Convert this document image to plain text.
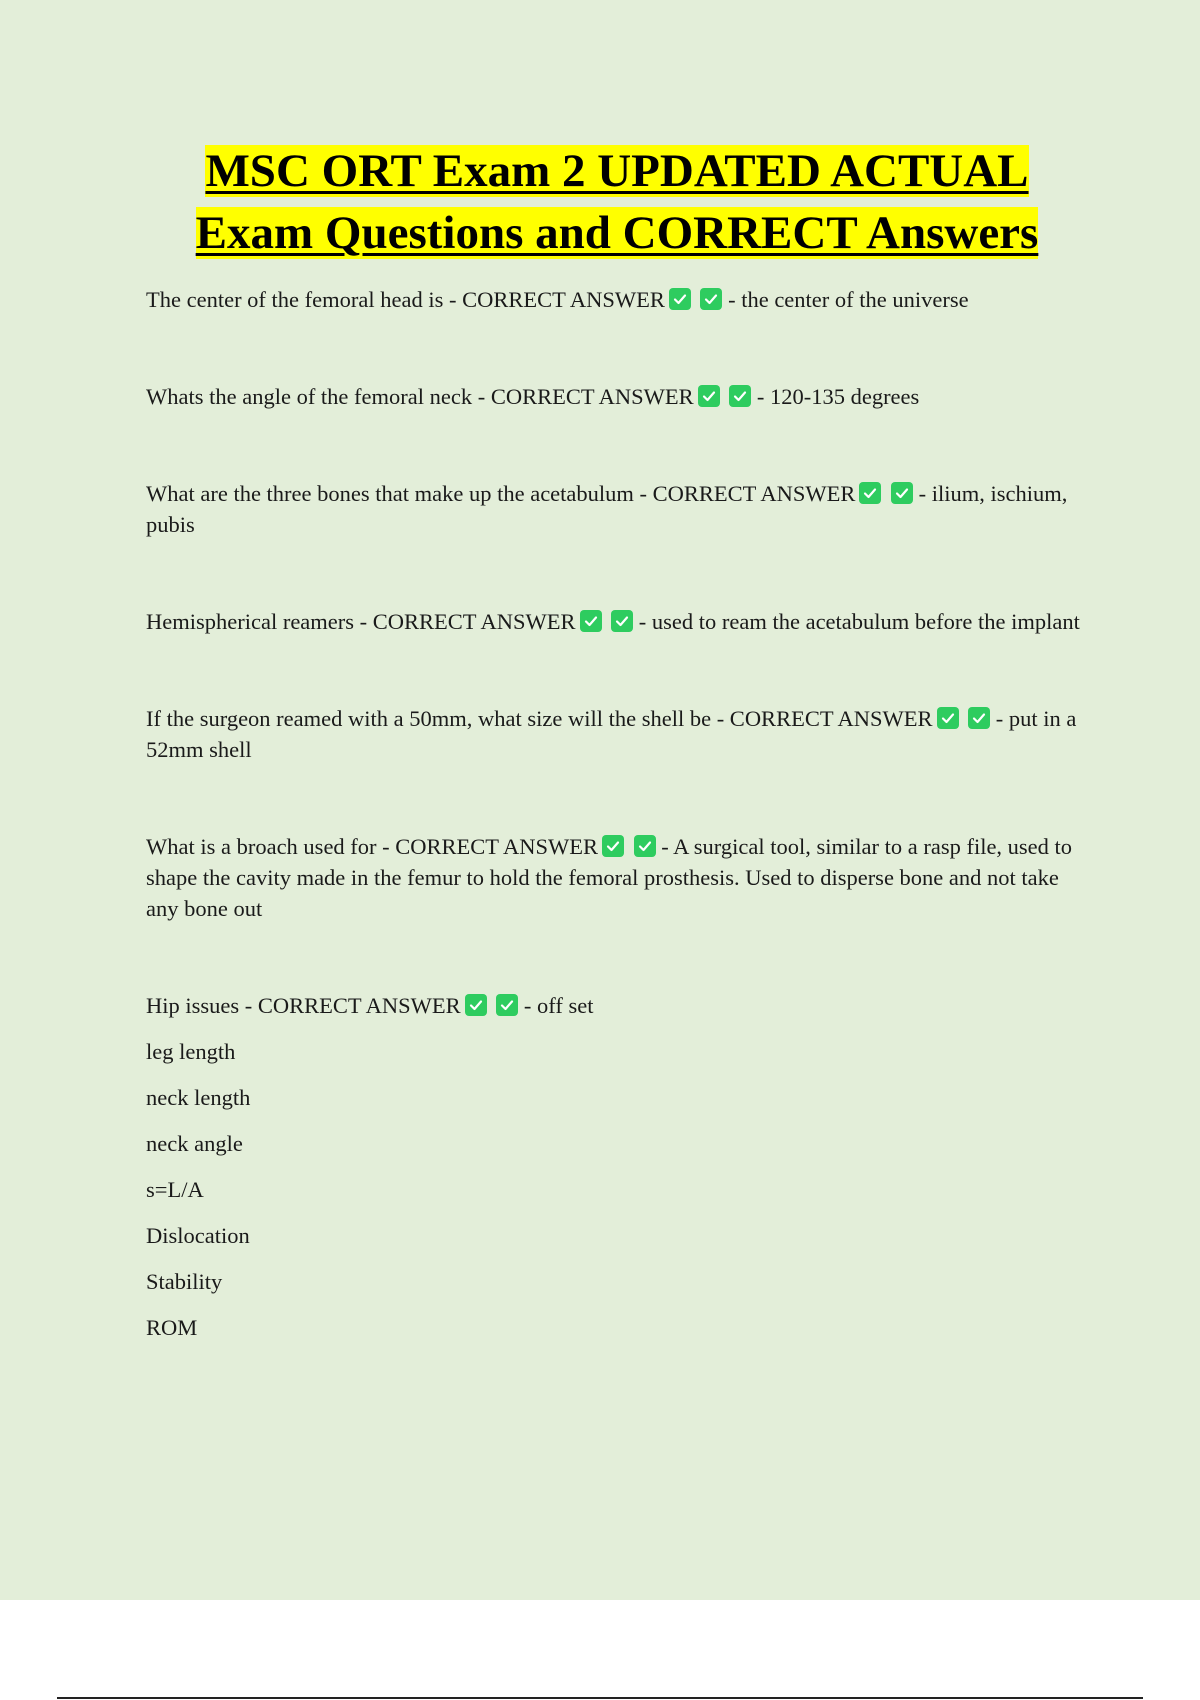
MSC ORT Exam 2 UPDATED ACTUAL
Exam Questions and CORRECT Answers

The center of the femoral head is - CORRECT ANSWER
	- the center of the universe

Whats the angle of the femoral neck - CORRECT ANSWER
	- 120-135 degrees

What are the three bones that make up the acetabulum - CORRECT ANSWER
	- ilium, ischium, pubis

Hemispherical reamers - CORRECT ANSWER
	- used to ream the acetabulum before the implant

If the surgeon reamed with a 50mm, what size will the shell be - CORRECT ANSWER
	- put in a 52mm shell

What is a broach used for - CORRECT ANSWER
	- A surgical tool, similar to a rasp file, used to shape the cavity made in the femur to hold the femoral prosthesis. Used to disperse bone and not take any bone out

Hip issues - CORRECT ANSWER
	- off set

leg length

neck length

neck angle

s=L/A

Dislocation

Stability

ROM
